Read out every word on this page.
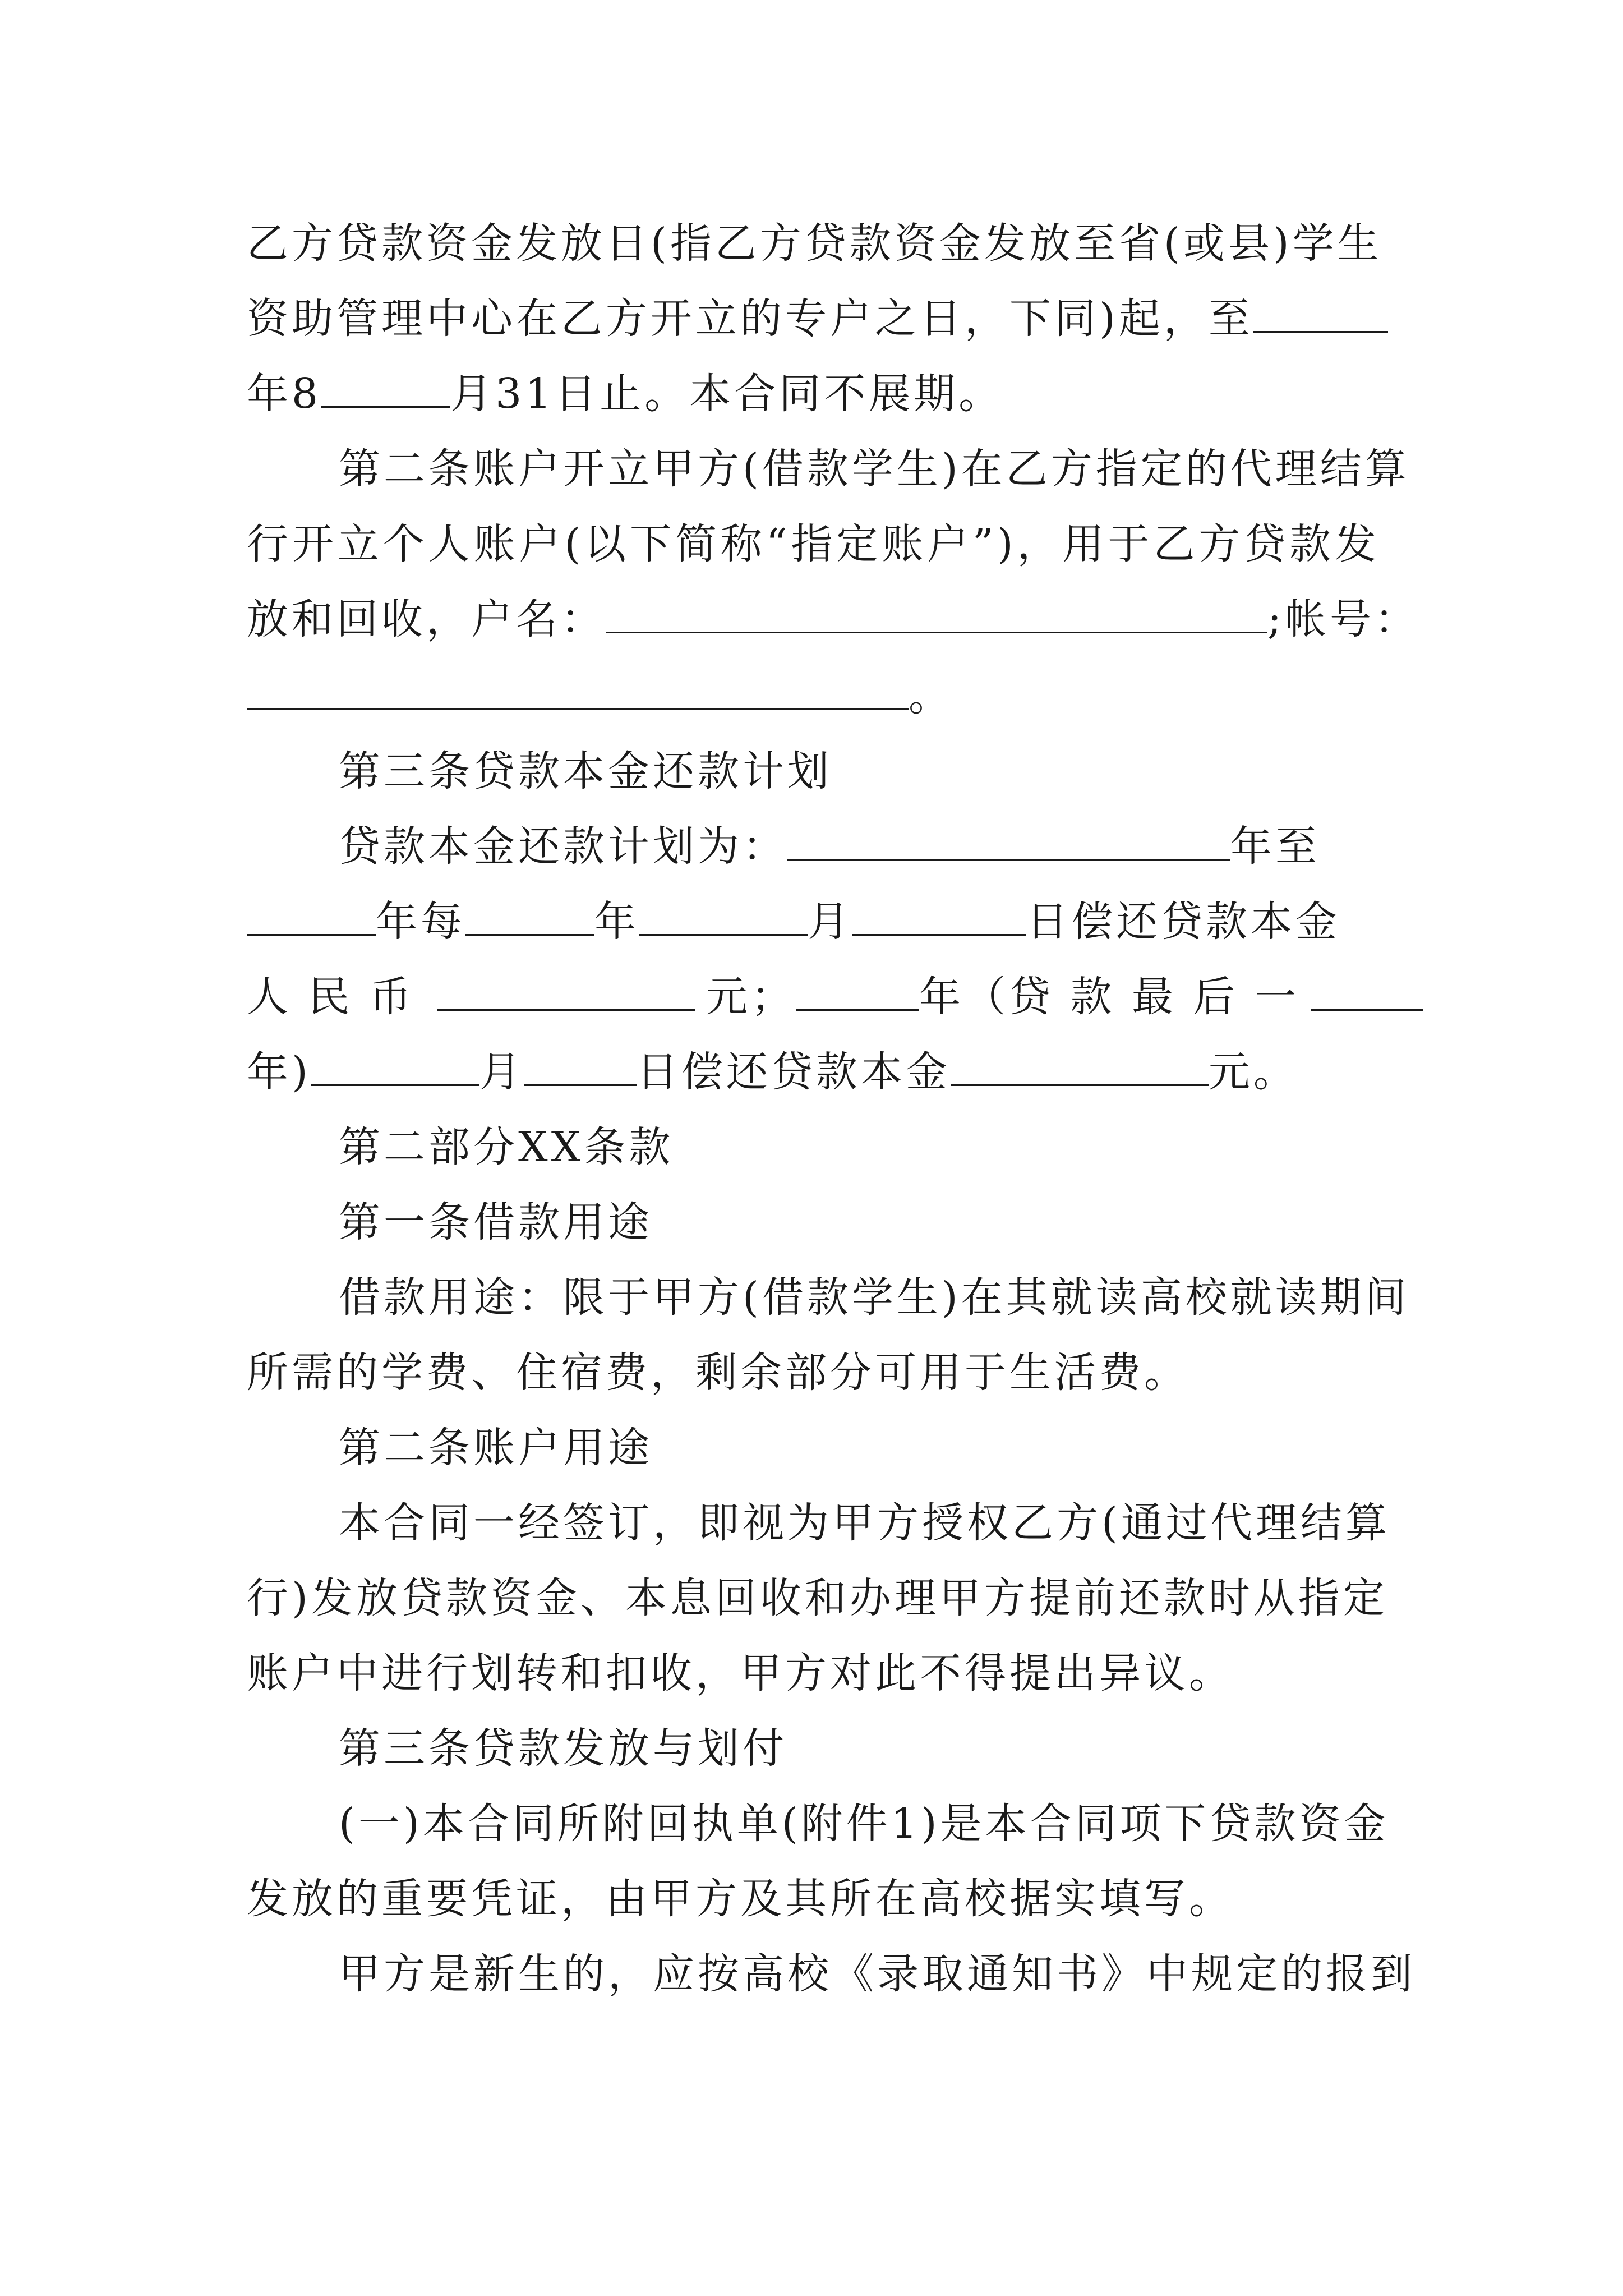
乙方贷款资金发放日(指乙方贷款资金发放至省(或县)学生
资助管理中心在乙方开立的专户之日，下同)起，至
年8	月31日止。本合同不展期。
第二条账户开立甲方(借款学生)在乙方指定的代理结算
行开立个人账户(以下简称“指定账户”)，用于乙方贷款发
放和回收，户名：	;帐号：
。
第三条贷款本金还款计划
贷款本金还款计划为：	年至
年每	年	月	日偿还贷款本金
人 民 币	元；	年（贷 款 最 后 一
年)	月	日偿还贷款本金	元。
第二部分XX条款
第一条借款用途
借款用途：限于甲方(借款学生)在其就读高校就读期间
所需的学费、住宿费，剩余部分可用于生活费。
第二条账户用途
本合同一经签订，即视为甲方授权乙方(通过代理结算
行)发放贷款资金、本息回收和办理甲方提前还款时从指定
账户中进行划转和扣收，甲方对此不得提出异议。
第三条贷款发放与划付
(一)本合同所附回执单(附件1)是本合同项下贷款资金
发放的重要凭证，由甲方及其所在高校据实填写。
甲方是新生的，应按高校《录取通知书》中规定的报到
